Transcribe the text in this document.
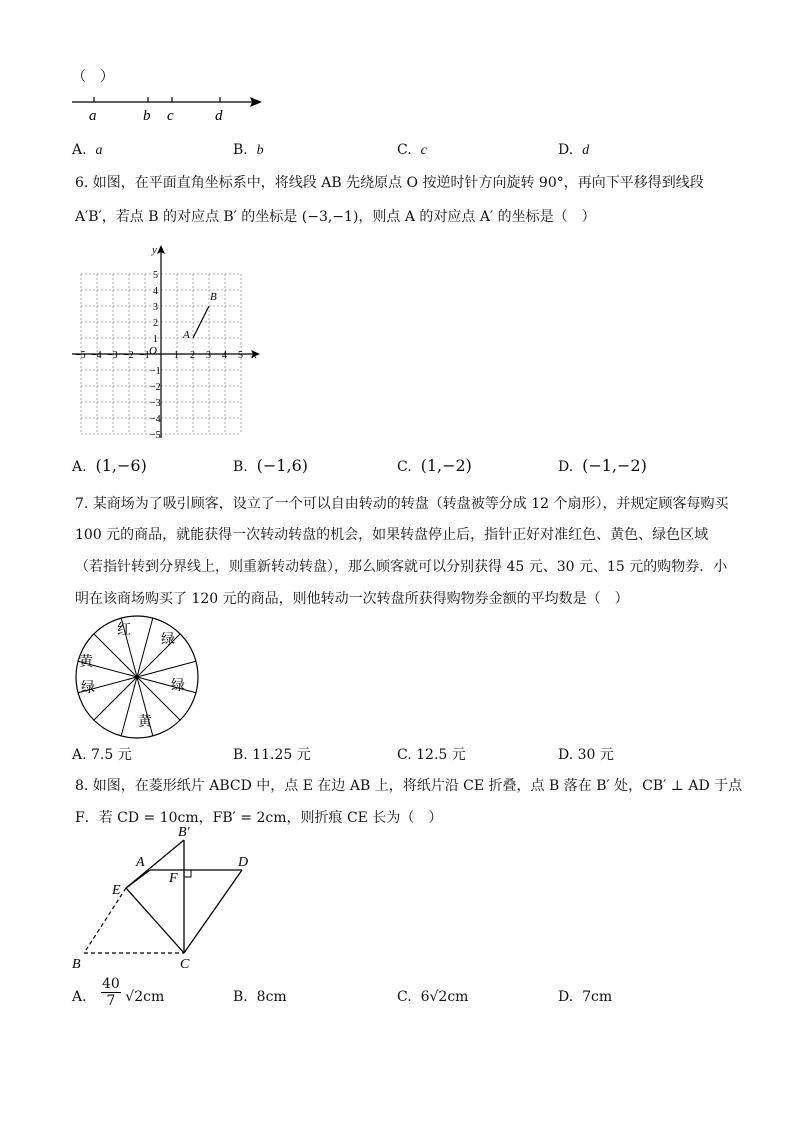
（　）
a	b c	d
A. a	B. b	C. c	D. d
6. 如图，在平面直角坐标系中，将线段 AB 先绕原点 O 按逆时针方向旋转 90°，再向下平移得到线段
A′B′，若点 B 的对应点 B′ 的坐标是 (−3,−1)，则点 A 的对应点 A′ 的坐标是（　）
y
x
O
−5 −4 −3 −2 −1 1 2 3 4 5
5
4
3
2
1
−1
−2
−3
−4
−5
A
B
A. (1,−6)	B. (−1,6)	C. (1,−2)	D. (−1,−2)
7. 某商场为了吸引顾客，设立了一个可以自由转动的转盘（转盘被等分成 12 个扇形），并规定顾客每购买
100 元的商品，就能获得一次转动转盘的机会，如果转盘停止后，指针正好对准红色、黄色、绿色区域
（若指针转到分界线上，则重新转动转盘），那么顾客就可以分别获得 45 元、30 元、15 元的购物券．小
明在该商场购买了 120 元的商品，则他转动一次转盘所获得购物券金额的平均数是（　）
红
绿
黄
绿	绿
黄
A. 7.5 元	B. 11.25 元	C. 12.5 元	D. 30 元
8. 如图，在菱形纸片 ABCD 中，点 E 在边 AB 上，将纸片沿 CE 折叠，点 B 落在 B′ 处，CB′ ⊥ AD 于点
F．若 CD = 10cm，FB′ = 2cm，则折痕 CE 长为（　）
A
B′
D
F
E
B	C
A. $\frac{40}{7} √2cm$	B. 8cm	C. 6√2cm	D. 7cm
